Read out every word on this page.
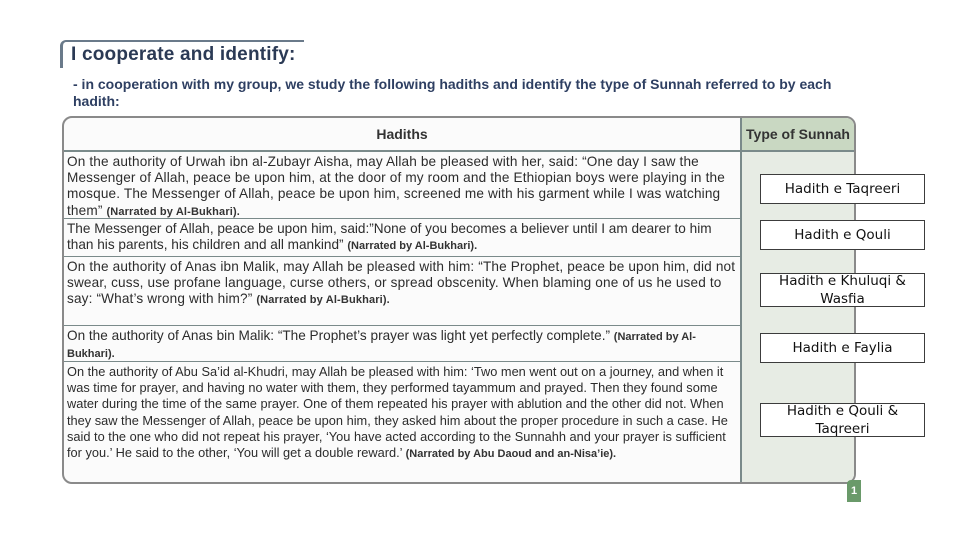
I cooperate and identify:
- in cooperation with my group, we study the following hadiths and identify the type of Sunnah referred to by each hadith:
Hadiths
On the authority of Urwah ibn al-Zubayr Aisha, may Allah be pleased with her, said: “One day I saw the Messenger of Allah, peace be upon him, at the door of my room and the Ethiopian boys were playing in the mosque. The Messenger of Allah, peace be upon him, screened me with his garment while I was watching them” (Narrated by Al-Bukhari).
The Messenger of Allah, peace be upon him, said:”None of you becomes a believer until I am dearer to him than his parents, his children and all mankind” (Narrated by Al-Bukhari).
On the authority of Anas ibn Malik, may Allah be pleased with him: “The Prophet, peace be upon him, did not swear, cuss, use profane language, curse others, or spread obscenity. When blaming one of us he used to say: “What’s wrong with him?” (Narrated by Al-Bukhari).
On the authority of Anas bin Malik: “The Prophet’s prayer was light yet perfectly complete.” (Narrated by Al-Bukhari).
On the authority of Abu Sa’id al-Khudri, may Allah be pleased with him: ‘Two men went out on a journey, and when it was time for prayer, and having no water with them, they performed tayammum and prayed. Then they found some water during the time of the same prayer. One of them repeated his prayer with ablution and the other did not. When they saw the Messenger of Allah, peace be upon him, they asked him about the proper procedure in such a case. He said to the one who did not repeat his prayer, ‘You have acted according to the Sunnahh and your prayer is sufficient for you.’ He said to the other, ‘You will get a double reward.’ (Narrated by Abu Daoud and an-Nisa’ie).
Type of Sunnah
Hadith e Taqreeri
Hadith e Qouli
Hadith e Khuluqi & Wasfia
Hadith e Faylia
Hadith e Qouli & Taqreeri
1
